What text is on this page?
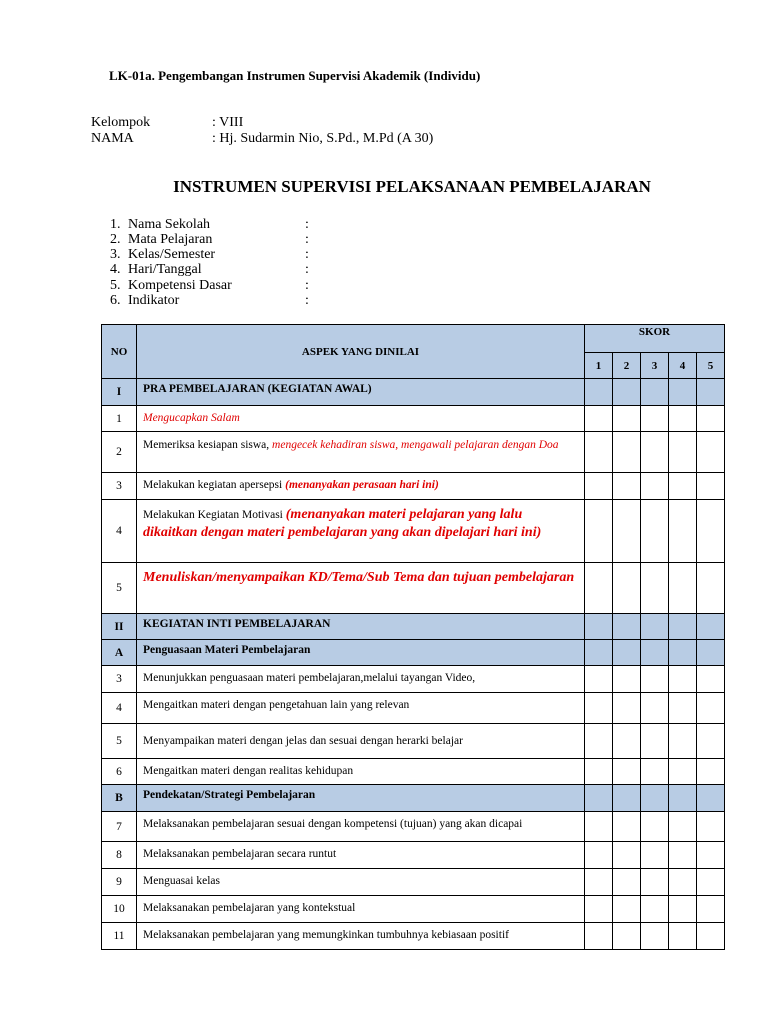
LK-01a. Pengembangan Instrumen Supervisi Akademik (Individu)
Kelompok	: VIII
NAMA	: Hj. Sudarmin Nio, S.Pd., M.Pd (A 30)
INSTRUMEN SUPERVISI PELAKSANAAN PEMBELAJARAN
1. Nama Sekolah	:
2. Mata Pelajaran	:
3. Kelas/Semester	:
4. Hari/Tanggal	:
5. Kompetensi Dasar	:
6. Indikator	:
NO	ASPEK YANG DINILAI	SKOR				
		1	2	3	4	5
I	PRA PEMBELAJARAN (KEGIATAN AWAL)					
1	Mengucapkan Salam					
2	Memeriksa kesiapan siswa, mengecek kehadiran siswa, mengawali pelajaran dengan Doa					
3	Melakukan kegiatan apersepsi (menanyakan perasaan hari ini)					
4	Melakukan Kegiatan Motivasi (menanyakan materi pelajaran yang lalu dikaitkan dengan materi pembelajaran yang akan dipelajari hari ini)					
5	Menuliskan/menyampaikan KD/Tema/Sub Tema dan tujuan pembelajaran					
II	KEGIATAN INTI PEMBELAJARAN					
A	Penguasaan Materi Pembelajaran					
3	Menunjukkan penguasaan materi pembelajaran,melalui tayangan Video,					
4	Mengaitkan materi dengan pengetahuan lain yang relevan					
5	Menyampaikan materi dengan jelas dan sesuai dengan herarki belajar					
6	Mengaitkan materi dengan realitas kehidupan					
B	Pendekatan/Strategi Pembelajaran					
7	Melaksanakan pembelajaran sesuai dengan kompetensi (tujuan) yang akan dicapai					
8	Melaksanakan pembelajaran secara runtut					
9	Menguasai kelas					
10	Melaksanakan pembelajaran yang kontekstual					
11	Melaksanakan pembelajaran yang memungkinkan tumbuhnya kebiasaan positif					
